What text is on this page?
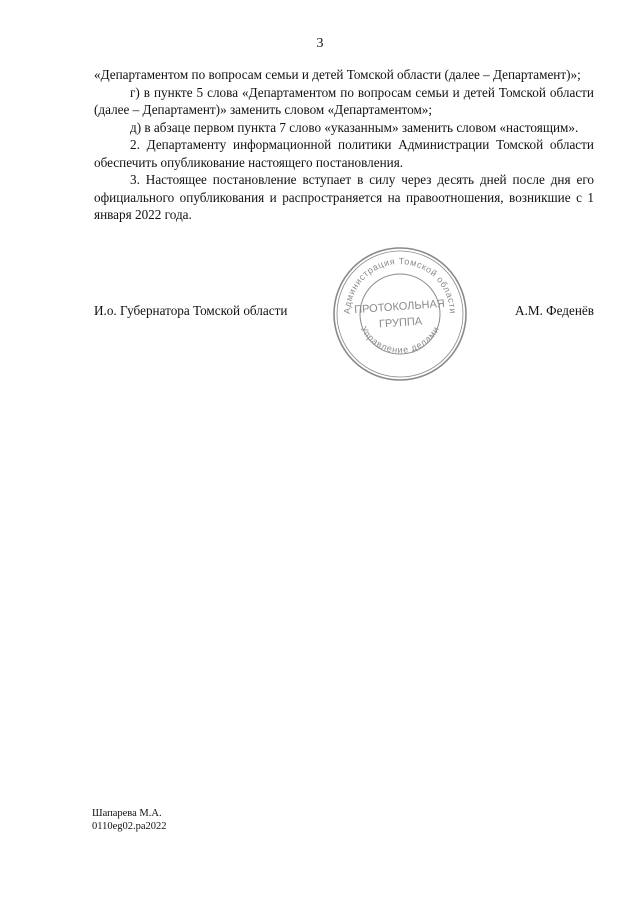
3

«Департаментом по вопросам семьи и детей Томской области (далее – Департамент)»;

г) в пункте 5 слова «Департаментом по вопросам семьи и детей Томской области (далее – Департамент)» заменить словом «Департаментом»;

д) в абзаце первом пункта 7 слово «указанным» заменить словом «настоящим».

2. Департаменту информационной политики Администрации Томской области обеспечить опубликование настоящего постановления.

3. Настоящее постановление вступает в силу через десять дней после дня его официального опубликования и распространяется на правоотношения, возникшие с 1 января 2022 года.

И.о. Губернатора Томской области	А.М. Феденёв
Администрация Томской области
Управление делами
ПРОТОКОЛЬНАЯ
ГРУППА
Шапарева М.А.
0110eg02.pa2022
